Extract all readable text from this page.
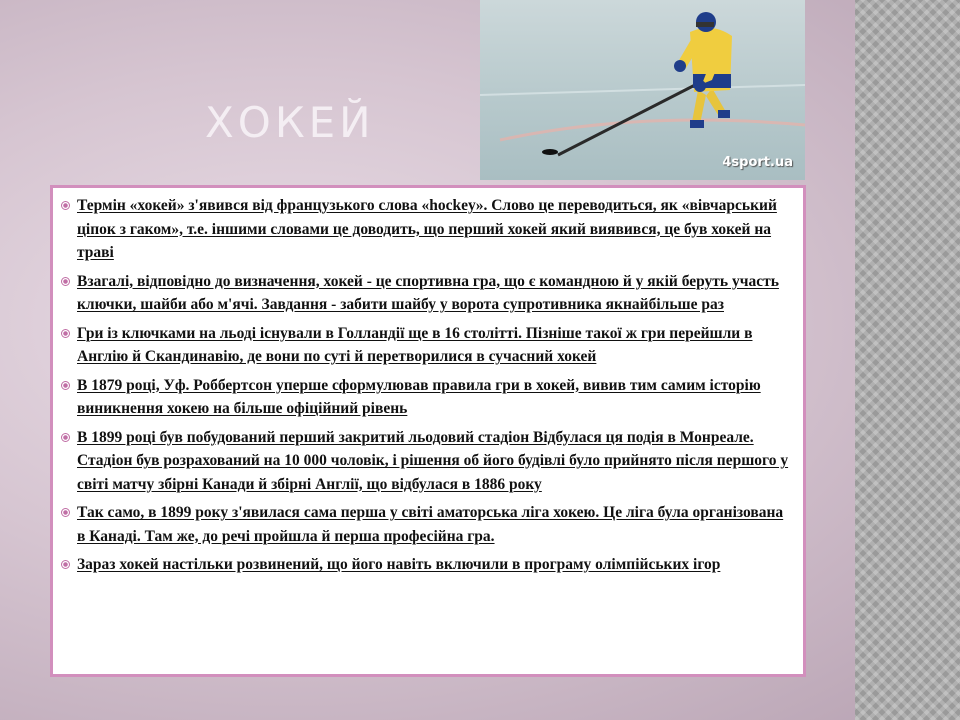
ХОКЕЙ
4sport.ua
Термін «хокей» з'явився від французького слова «hockey». Слово це переводиться, як «вівчарський ціпок з гаком», т.е. іншими словами це доводить, що перший хокей який виявився, це був хокей на траві
Взагалі, відповідно до визначення, хокей - це спортивна гра, що є командною й у якій беруть участь ключки, шайби або м'ячі. Завдання - забити шайбу у ворота супротивника якнайбільше раз
Гри із ключками на льоді існували в Голландії ще в 16 столітті. Пізніше такої ж гри перейшли в Англію й Скандинавію, де вони по суті й перетворилися в сучасний хокей
В 1879 році, Уф. Роббертсон уперше сформулював правила гри в хокей, вивив тим самим історію виникнення хокею на більше офіційний рівень
В 1899 році був побудований перший закритий льодовий стадіон Відбулася ця подія в Монреале. Стадіон був розрахований на 10 000 чоловік, і рішення об його будівлі було прийнято після першого у світі матчу збірні Канади й збірні Англії, що відбулася в 1886 року
Так само, в 1899 року з'явилася сама перша у світі аматорська ліга хокею. Це ліга була організована в Канаді. Там же, до речі пройшла й перша професійна гра.
Зараз хокей настільки розвинений, що його навіть включили в програму олімпійських ігор
